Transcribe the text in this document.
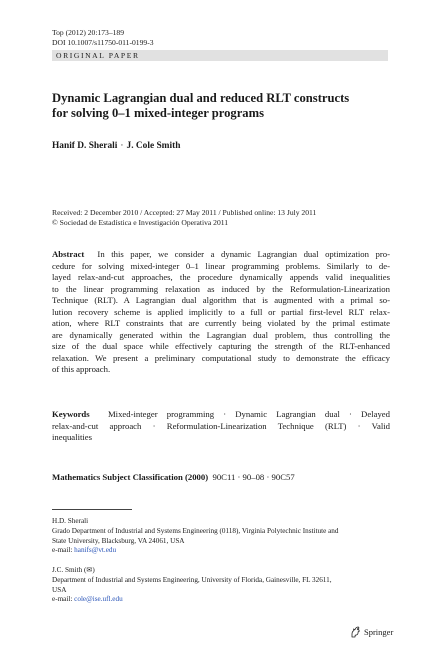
Top (2012) 20:173–189
DOI 10.1007/s11750-011-0199-3
ORIGINAL PAPER
Dynamic Lagrangian dual and reduced RLT constructs
for solving 0–1 mixed-integer programs
Hanif D. Sherali · J. Cole Smith
Received: 2 December 2010 / Accepted: 27 May 2011 / Published online: 13 July 2011
© Sociedad de Estadística e Investigación Operativa 2011
Abstract In this paper, we consider a dynamic Lagrangian dual optimization pro-
cedure for solving mixed-integer 0–1 linear programming problems. Similarly to de-
layed relax-and-cut approaches, the procedure dynamically appends valid inequalities
to the linear programming relaxation as induced by the Reformulation-Linearization
Technique (RLT). A Lagrangian dual algorithm that is augmented with a primal so-
lution recovery scheme is applied implicitly to a full or partial first-level RLT relax-
ation, where RLT constraints that are currently being violated by the primal estimate
are dynamically generated within the Lagrangian dual problem, thus controlling the
size of the dual space while effectively capturing the strength of the RLT-enhanced
relaxation. We present a preliminary computational study to demonstrate the efficacy
of this approach.
Keywords Mixed-integer programming · Dynamic Lagrangian dual · Delayed
relax-and-cut approach · Reformulation-Linearization Technique (RLT) · Valid
inequalities
Mathematics Subject Classification (2000) 90C11 · 90–08 · 90C57
H.D. Sherali
Grado Department of Industrial and Systems Engineering (0118), Virginia Polytechnic Institute and
State University, Blacksburg, VA 24061, USA
e-mail: hanifs@vt.edu
J.C. Smith (✉)
Department of Industrial and Systems Engineering, University of Florida, Gainesville, FL 32611,
USA
e-mail: cole@ise.ufl.edu
Springer
